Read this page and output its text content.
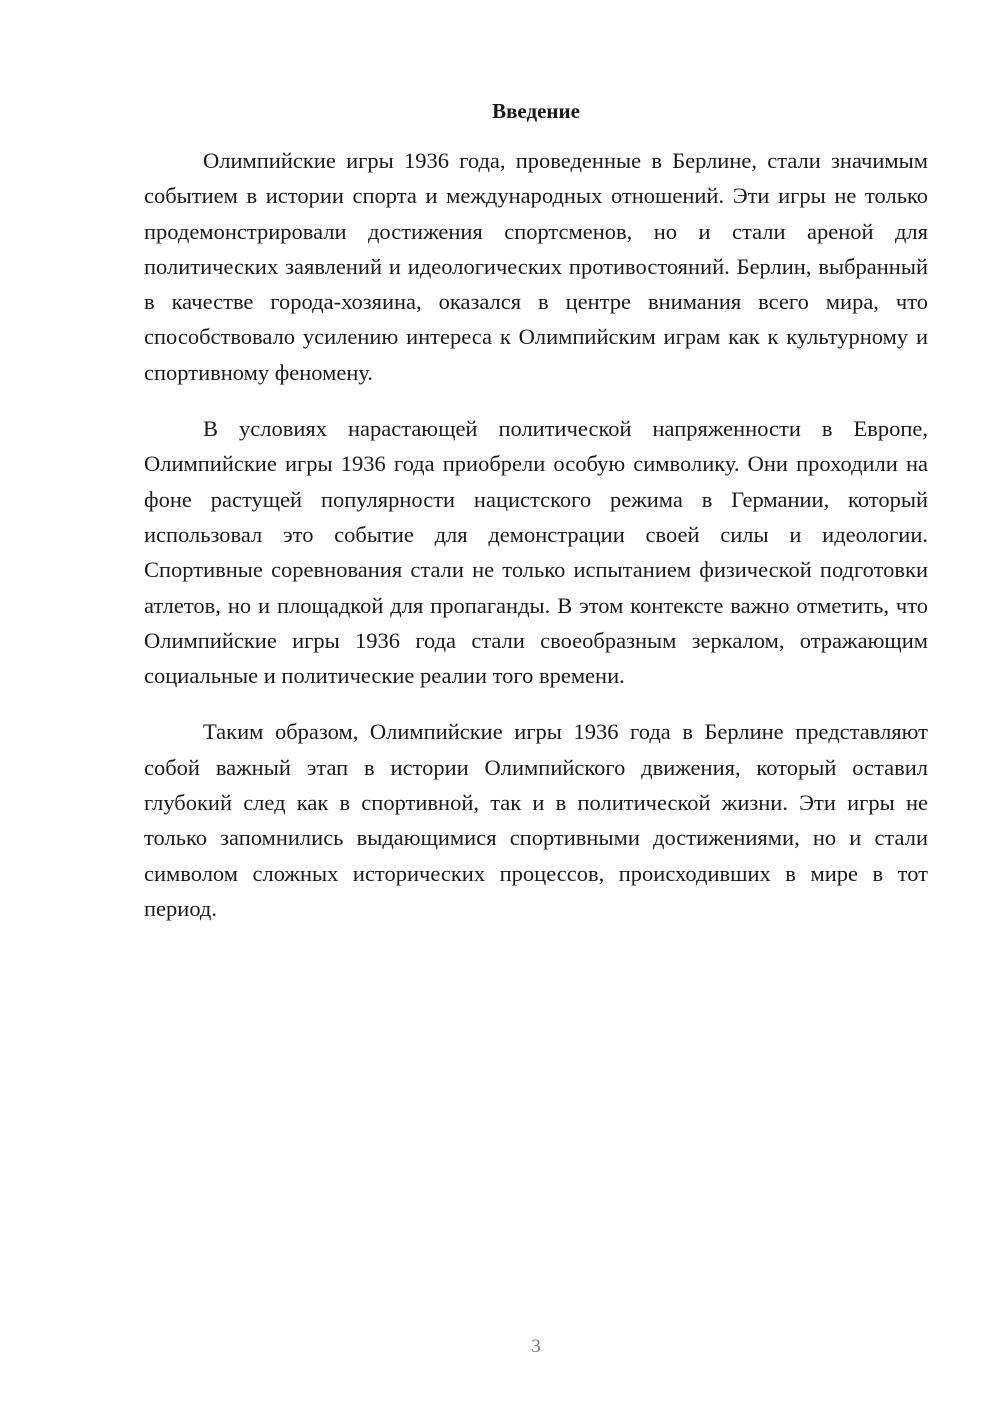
Введение

Олимпийские игры 1936 года, проведенные в Берлине, стали значимым событием в истории спорта и международных отношений. Эти игры не только продемонстрировали достижения спортсменов, но и стали ареной для политических заявлений и идеологических противостояний. Берлин, выбранный в качестве города-хозяина, оказался в центре внимания всего мира, что способствовало усилению интереса к Олимпийским играм как к культурному и спортивному феномену.

В условиях нарастающей политической напряженности в Европе, Олимпийские игры 1936 года приобрели особую символику. Они проходили на фоне растущей популярности нацистского режима в Германии, который использовал это событие для демонстрации своей силы и идеологии. Спортивные соревнования стали не только испытанием физической подготовки атлетов, но и площадкой для пропаганды. В этом контексте важно отметить, что Олимпийские игры 1936 года стали своеобразным зеркалом, отражающим социальные и политические реалии того времени.

Таким образом, Олимпийские игры 1936 года в Берлине представляют собой важный этап в истории Олимпийского движения, который оставил глубокий след как в спортивной, так и в политической жизни. Эти игры не только запомнились выдающимися спортивными достижениями, но и стали символом сложных исторических процессов, происходивших в мире в тот период.

3
